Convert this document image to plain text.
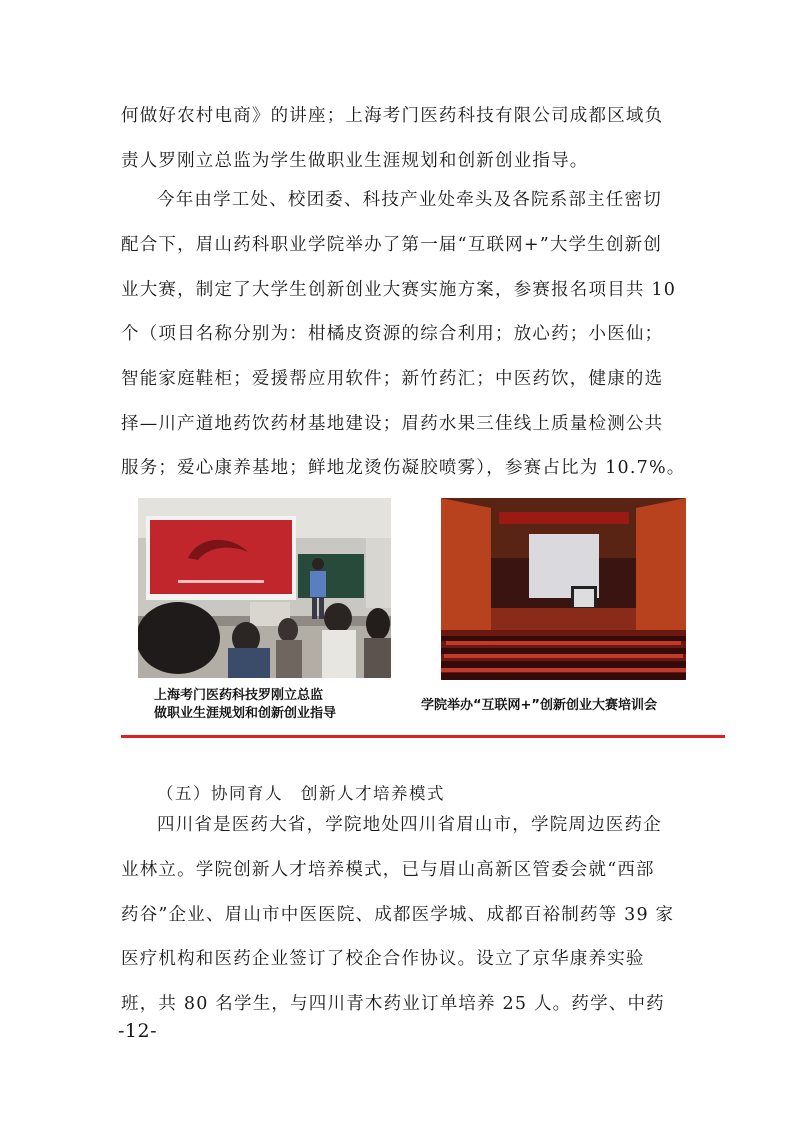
何做好农村电商》的讲座；上海考门医药科技有限公司成都区域负
责人罗刚立总监为学生做职业生涯规划和创新创业指导。
今年由学工处、校团委、科技产业处牵头及各院系部主任密切
配合下，眉山药科职业学院举办了第一届“互联网+”大学生创新创
业大赛，制定了大学生创新创业大赛实施方案，参赛报名项目共 10
个（项目名称分别为：柑橘皮资源的综合利用；放心药；小医仙；
智能家庭鞋柜；爱援帮应用软件；新竹药汇；中医药饮，健康的选
择—川产道地药饮药材基地建设；眉药水果三佳线上质量检测公共
服务；爱心康养基地；鲜地龙烫伤凝胶喷雾），参赛占比为 10.7%。
上海考门医药科技罗刚立总监
做职业生涯规划和创新创业指导
学院举办“互联网+”创新创业大赛培训会
（五）协同育人　创新人才培养模式
四川省是医药大省，学院地处四川省眉山市，学院周边医药企
业林立。学院创新人才培养模式，已与眉山高新区管委会就“西部
药谷”企业、眉山市中医医院、成都医学城、成都百裕制药等 39 家
医疗机构和医药企业签订了校企合作协议。设立了京华康养实验
班，共 80 名学生，与四川青木药业订单培养 25 人。药学、中药
-12-
